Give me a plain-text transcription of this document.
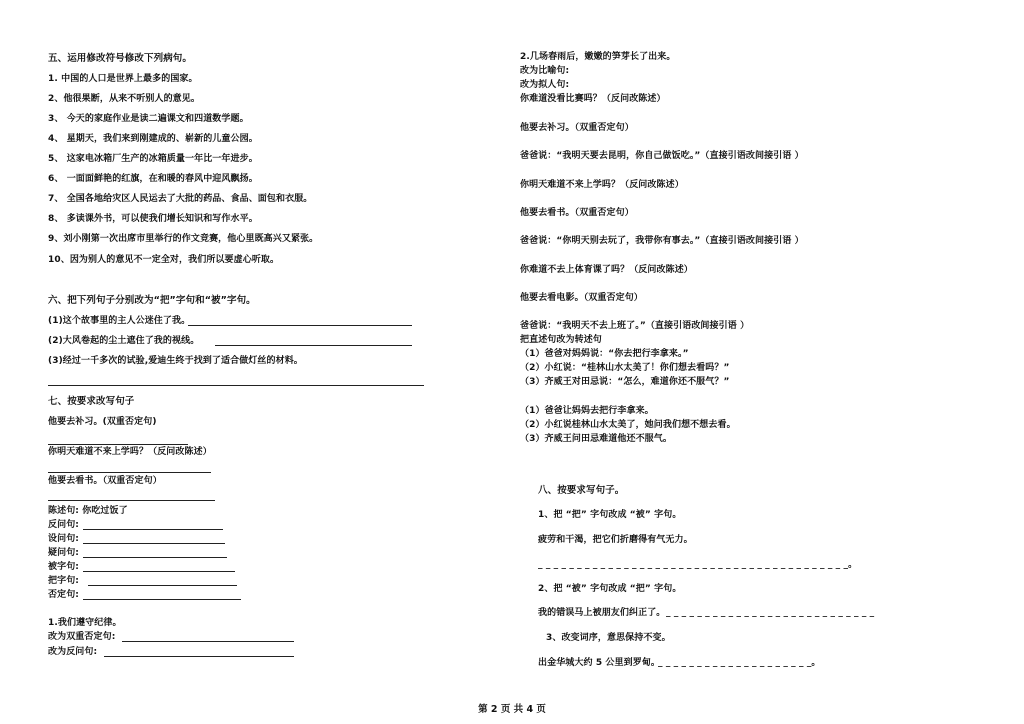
五、运用修改符号修改下列病句。
1. 中国的人口是世界上最多的国家。
2、他很果断，从来不听别人的意见。
3、 今天的家庭作业是读二遍课文和四道数学题。
4、 星期天，我们来到刚建成的、崭新的儿童公园。
5、 这家电冰箱厂生产的冰箱质量一年比一年进步。
6、 一面面鲜艳的红旗，在和暖的春风中迎风飘扬。
7、 全国各地给灾区人民运去了大批的药品、食品、面包和衣服。
8、 多读课外书，可以使我们增长知识和写作水平。
9、刘小刚第一次出席市里举行的作文竞赛，他心里既高兴又紧张。
10、因为别人的意见不一定全对，我们所以要虚心听取。
六、把下列句子分别改为“把”字句和“被”字句。
(1)这个故事里的主人公迷住了我。
(2)大风卷起的尘土遮住了我的视线。
(3)经过一千多次的试验,爱迪生终于找到了适合做灯丝的材料。
七、按要求改写句子
他要去补习。(双重否定句)
你明天难道不来上学吗？（反问改陈述）
他要去看书。（双重否定句）
陈述句: 你吃过饭了
反问句:
设问句:
疑问句:
被字句:
把字句:
否定句:
1.我们遵守纪律。
改为双重否定句:
改为反问句:
2.几场春雨后，嫩嫩的笋芽长了出来。
改为比喻句:
改为拟人句:
你难道没看比赛吗？（反问改陈述）
他要去补习。（双重否定句）
爸爸说：“我明天要去昆明，你自己做饭吃。”（直接引语改间接引语 ）
你明天难道不来上学吗？（反问改陈述）
他要去看书。（双重否定句）
爸爸说：“你明天别去玩了，我带你有事去。”（直接引语改间接引语 ）
你难道不去上体育课了吗？（反问改陈述）
他要去看电影。（双重否定句）
爸爸说：“我明天不去上班了。”（直接引语改间接引语 ）
把直述句改为转述句
（1）爸爸对妈妈说：“你去把行李拿来。”
（2）小红说：“桂林山水太美了！你们想去看吗？”
（3）齐威王对田忌说：“怎么，难道你还不服气？”
（1）爸爸让妈妈去把行李拿来。
（2）小红说桂林山水太美了，她问我们想不想去看。
（3）齐威王问田忌难道他还不服气。
八、按要求写句子。
1、把 “把” 字句改成 “被” 字句。
疲劳和干渴，把它们折磨得有气无力。
_ _ _ _ _ _ _ _ _ _ _ _ _ _ _ _ _ _ _ _ _ _ _ _ _ _ _ _ _ _ _ _ _ _ _ _ _ _ _ _。
2、把 “被” 字句改成 “把” 字句。
我的错误马上被朋友们纠正了。 _ _ _ _ _ _ _ _ _ _ _ _ _ _ _ _ _ _ _ _ _ _ _ _ _ _ _
3、改变词序，意思保持不变。
出金华城大约 5 公里到罗甸。
_ _ _ _ _ _ _ _ _ _ _ _ _ _ _ _ _ _ _ _。
第 2 页 共 4 页
